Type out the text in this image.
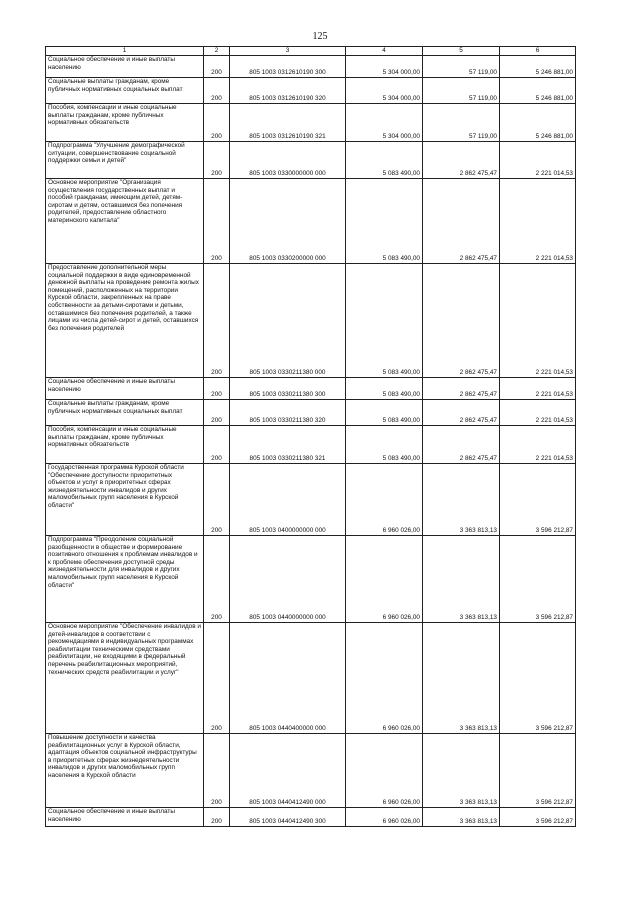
125
1	2	3	4	5	6
Социальное обеспечение и иные выплаты населению	200	805 1003 0312610190 300	5 304 000,00	57 119,00	5 246 881,00
Социальные выплаты гражданам, кроме публичных нормативных социальных выплат	200	805 1003 0312610190 320	5 304 000,00	57 119,00	5 246 881,00
Пособия, компенсации и иные социальные выплаты гражданам, кроме публичных нормативных обязательств	200	805 1003 0312610190 321	5 304 000,00	57 119,00	5 246 881,00
Подпрограмма "Улучшение демографической ситуации, совершенствование социальной поддержки семьи и детей"	200	805 1003 0330000000 000	5 083 490,00	2 862 475,47	2 221 014,53
Основное мероприятие "Организация осуществления государственных выплат и пособий гражданам, имеющим детей, детям-сиротам и детям, оставшимся без попечения родителей, предоставление областного материнского капитала"	200	805 1003 0330200000 000	5 083 490,00	2 862 475,47	2 221 014,53
Предоставление дополнительной меры социальной поддержки в виде единовременной денежной выплаты на проведение ремонта жилых помещений, расположенных на территории Курской области, закрепленных на праве собственности за детьми-сиротами и детьми, оставшимися без попечения родителей, а также лицами из числа детей-сирот и детей, оставшихся без попечения родителей	200	805 1003 0330211380 000	5 083 490,00	2 862 475,47	2 221 014,53
Социальное обеспечение и иные выплаты населению	200	805 1003 0330211380 300	5 083 490,00	2 862 475,47	2 221 014,53
Социальные выплаты гражданам, кроме публичных нормативных социальных выплат	200	805 1003 0330211380 320	5 083 490,00	2 862 475,47	2 221 014,53
Пособия, компенсации и иные социальные выплаты гражданам, кроме публичных нормативных обязательств	200	805 1003 0330211380 321	5 083 490,00	2 862 475,47	2 221 014,53
Государственная программа Курской области "Обеспечение доступности приоритетных объектов и услуг в приоритетных сферах жизнедеятельности инвалидов и других маломобильных групп населения в Курской области"	200	805 1003 0400000000 000	6 960 026,00	3 363 813,13	3 596 212,87
Подпрограмма "Преодоление социальной разобщенности в обществе и формирование позитивного отношения к проблемам инвалидов и к проблеме обеспечения доступной среды жизнедеятельности для инвалидов и других маломобильных групп населения в Курской области"	200	805 1003 0440000000 000	6 960 026,00	3 363 813,13	3 596 212,87
Основное мероприятие "Обеспечение инвалидов и детей-инвалидов в соответствии с рекомендациями в индивидуальных программах реабилитации техническими средствами реабилитации, не входящими в федеральный перечень реабилитационных мероприятий, технических средств реабилитации и услуг"	200	805 1003 0440400000 000	6 960 026,00	3 363 813,13	3 596 212,87
Повышение доступности и качества реабилитационных услуг в Курской области, адаптация объектов социальной инфраструктуры в приоритетных сферах жизнедеятельности инвалидов и других маломобильных групп населения в Курской области	200	805 1003 0440412490 000	6 960 026,00	3 363 813,13	3 596 212,87
Социальное обеспечение и иные выплаты населению	200	805 1003 0440412490 300	6 960 026,00	3 363 813,13	3 596 212,87
